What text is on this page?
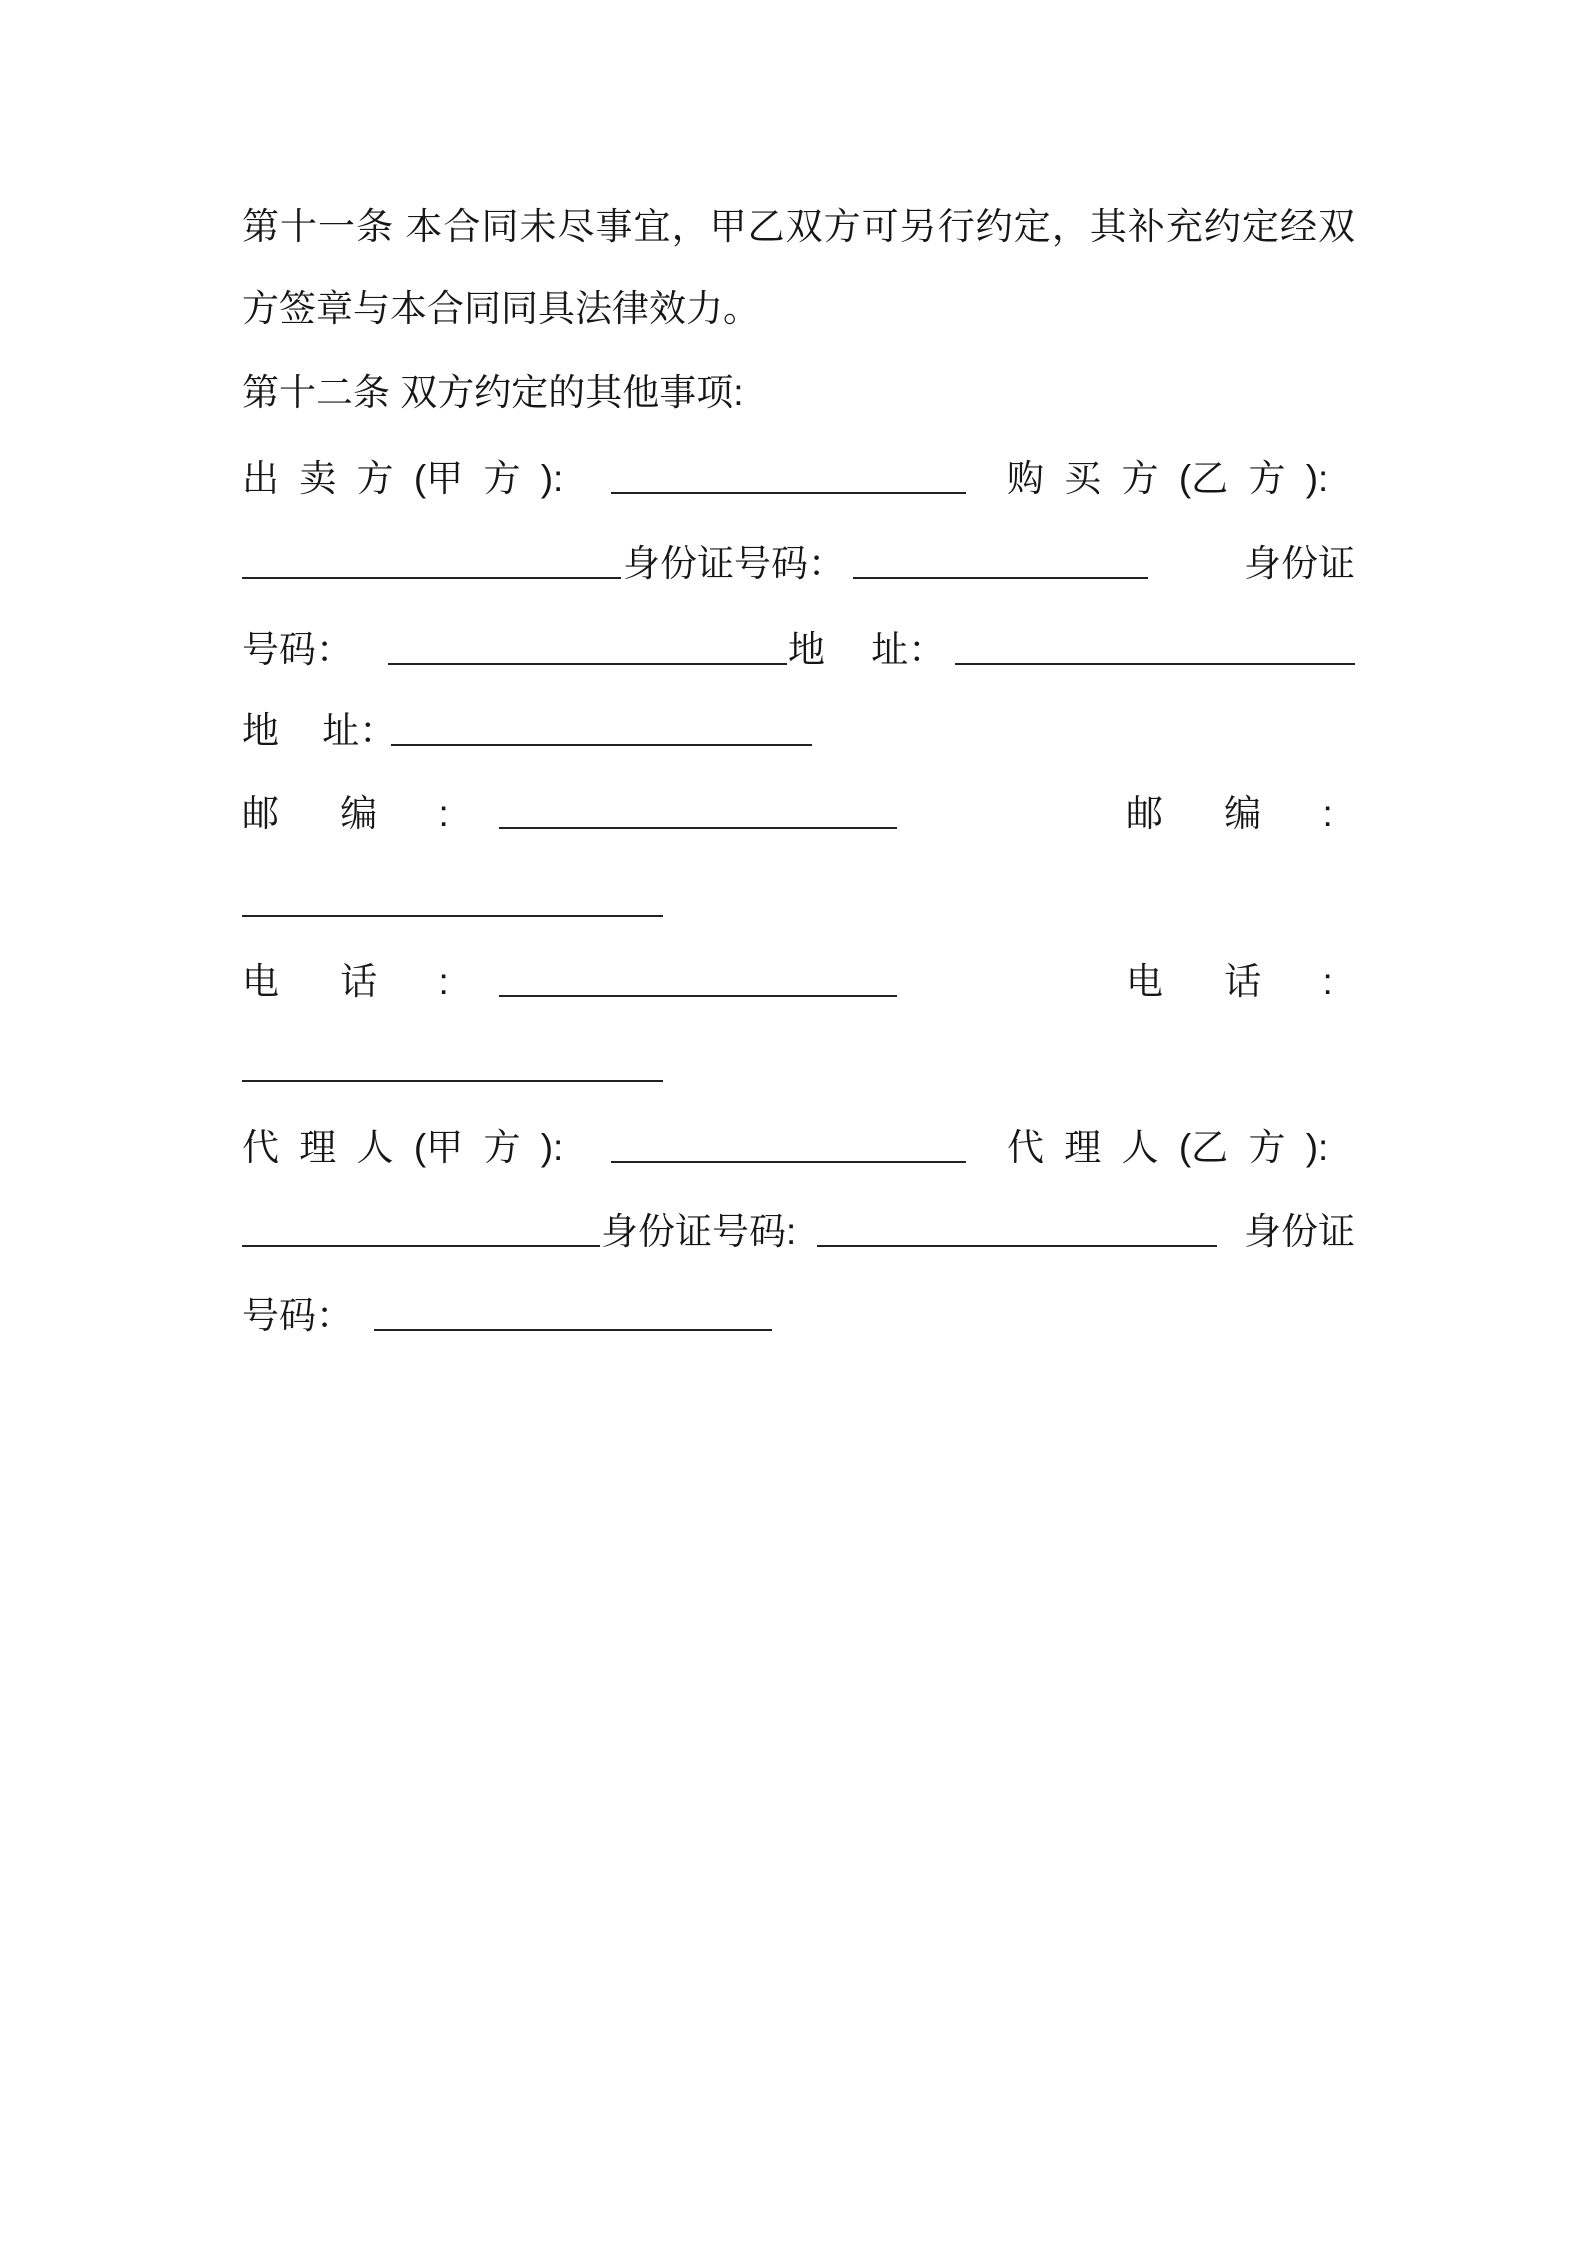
第十一条 本合同未尽事宜，甲乙双方可另行约定，其补充约定经双
方签章与本合同同具法律效力。
第十二条 双方约定的其他事项:
出 卖 方 (甲 方 ):	购 买 方 (乙 方 ):
身份证号码：	身份证
号码：	地 址：
地 址：
邮 编 :	邮 编 :
电 话 :	电 话 :
代 理 人 (甲 方 ):	代 理 人 (乙 方 ):
身份证号码:	身份证
号码：
